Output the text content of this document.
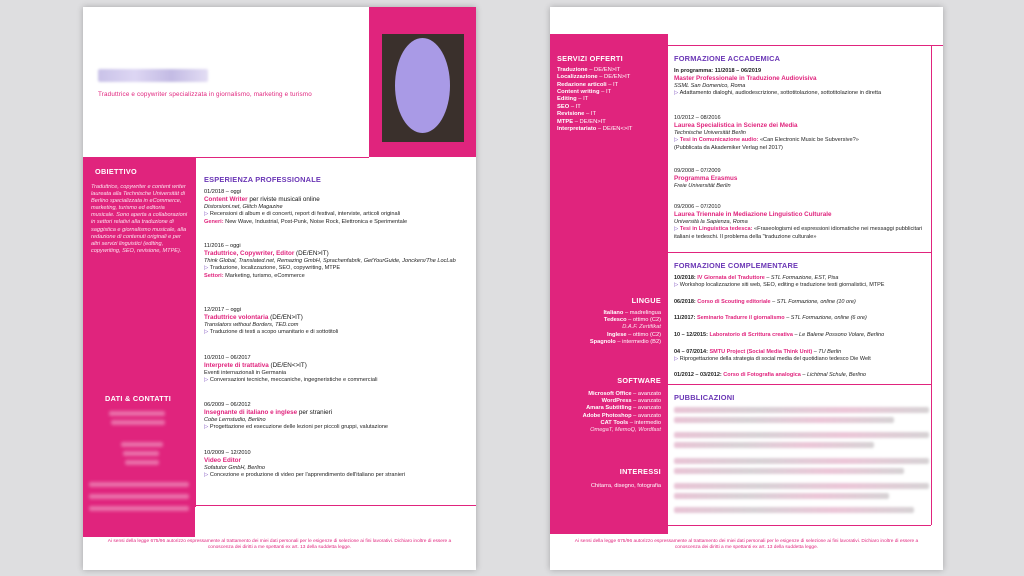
Traduttrice e copywriter specializzata in giornalismo, marketing e turismo
OBIETTIVO
Traduttrice, copywriter e content writer laureata alla Technische Universität di Berlino specializzata in eCommerce, marketing, turismo ed editoria musicale. Sono aperta a collaborazioni in settori relativi alla traduzione di saggistica e giornalismo musicale, alla redazione di contenuti originali e per altri servizi linguistici (editing, copywriting, SEO, revisione, MTPE).
DATI & CONTATTI
ESPERIENZA PROFESSIONALE
01/2018 – oggi
Content Writer per riviste musicali online
Distorsioni.net, Glitch Magazine
▷ Recensioni di album e di concerti, report di festival, interviste, articoli originali
Generi: New Wave, Industrial, Post-Punk, Noise Rock, Elettronica e Sperimentale
11/2016 – oggi
Traduttrice, Copywriter, Editor (DE/EN>IT)
Think Global, Translated.net, Remazing GmbH, Sprachenfabrik, GetYourGuide, Jonckers/The LocLab
▷ Traduzione, localizzazione, SEO, copywriting, MTPE
Settori: Marketing, turismo, eCommerce
12/2017 – oggi
Traduttrice volontaria (DE/EN>IT)
Translators without Borders, TED.com
▷ Traduzione di testi a scopo umanitario e di sottotitoli
10/2010 – 06/2017
Interprete di trattativa (DE/EN<>IT)
Eventi internazionali in Germania
▷ Conversazioni tecniche, meccaniche, ingegneristiche e commerciali
06/2009 – 06/2012
Insegnante di italiano e inglese per stranieri
Cobe Lernstudio, Berlino
▷ Progettazione ed esecuzione delle lezioni per piccoli gruppi, valutazione
10/2009 – 12/2010
Video Editor
Sofatutor GmbH, Berlino
▷ Concezione e produzione di video per l'apprendimento dell'italiano per stranieri
Ai sensi della legge 675/96 autorizzo espressamente al trattamento dei miei dati personali per le esigenze di selezione ai fini lavorativi. Dichiaro inoltre di essere a conoscenza dei diritti a me spettanti ex art. 13 della suddetta legge.
SERVIZI OFFERTI
Traduzione – DE/EN>IT
Localizzazione – DE/EN>IT
Redazione articoli – IT
Content writing – IT
Editing – IT
SEO – IT
Revisione – IT
MTPE – DE/EN>IT
Interpretariato – DE/EN<>IT
LINGUE
Italiano – madrelingua
Tedesco – ottimo (C2)
D.A.F. Zertifikat
Inglese – ottimo (C2)
Spagnolo – intermedio (B2)
SOFTWARE
Microsoft Office – avanzato
WordPress – avanzato
Amara Subtitling – avanzato
Adobe Photoshop – avanzato
CAT Tools – intermedio
OmegaT, MemoQ, Wordfast
INTERESSI
Chitarra, disegno, fotografia
FORMAZIONE ACCADEMICA
In programma: 11/2018 – 06/2019
Master Professionale in Traduzione Audiovisiva
SSML San Domenico, Roma
▷ Adattamento dialoghi, audiodescrizione, sottotitolazione, sottotitolazione in diretta
10/2012 – 08/2016
Laurea Specialistica in Scienze dei Media
Technische Universität Berlin
▷ Tesi in Comunicazione audio: «Can Electronic Music be Subversive?»
(Pubblicata da Akademiker Verlag nel 2017)
09/2008 – 07/2009
Programma Erasmus
Freie Universität Berlin
09/2006 – 07/2010
Laurea Triennale in Mediazione Linguistico Culturale
Università la Sapienza, Roma
▷ Tesi in Linguistica tedesca: «Fraseologismi ed espressioni idiomatiche nei messaggi pubblicitari italiani e tedeschi. Il problema della "traduzione culturale»
FORMAZIONE COMPLEMENTARE
10/2018: IV Giornata del Traduttore – STL Formazione, EST, Pisa
▷ Workshop localizzazione siti web, SEO, editing e traduzione testi giornalistici, MTPE
06/2018: Corso di Scouting editoriale – STL Formazione, online (10 ore)
11/2017: Seminario Tradurre il giornalismo – STL Formazione, online (6 ore)
10 – 12/2015: Laboratorio di Scrittura creativa – Le Balene Possono Volare, Berlino
04 – 07/2014: SMTU Project (Social Media Think Unit) – TU Berlin
▷ Riprogettazione della strategia di social media del quotidiano tedesco Die Welt
01/2012 – 03/2012: Corso di Fotografia analogica – Lichtmal Schule, Berlino
PUBBLICAZIONI
Ai sensi della legge 675/96 autorizzo espressamente al trattamento dei miei dati personali per le esigenze di selezione ai fini lavorativi. Dichiaro inoltre di essere a conoscenza dei diritti a me spettanti ex art. 13 della suddetta legge.
